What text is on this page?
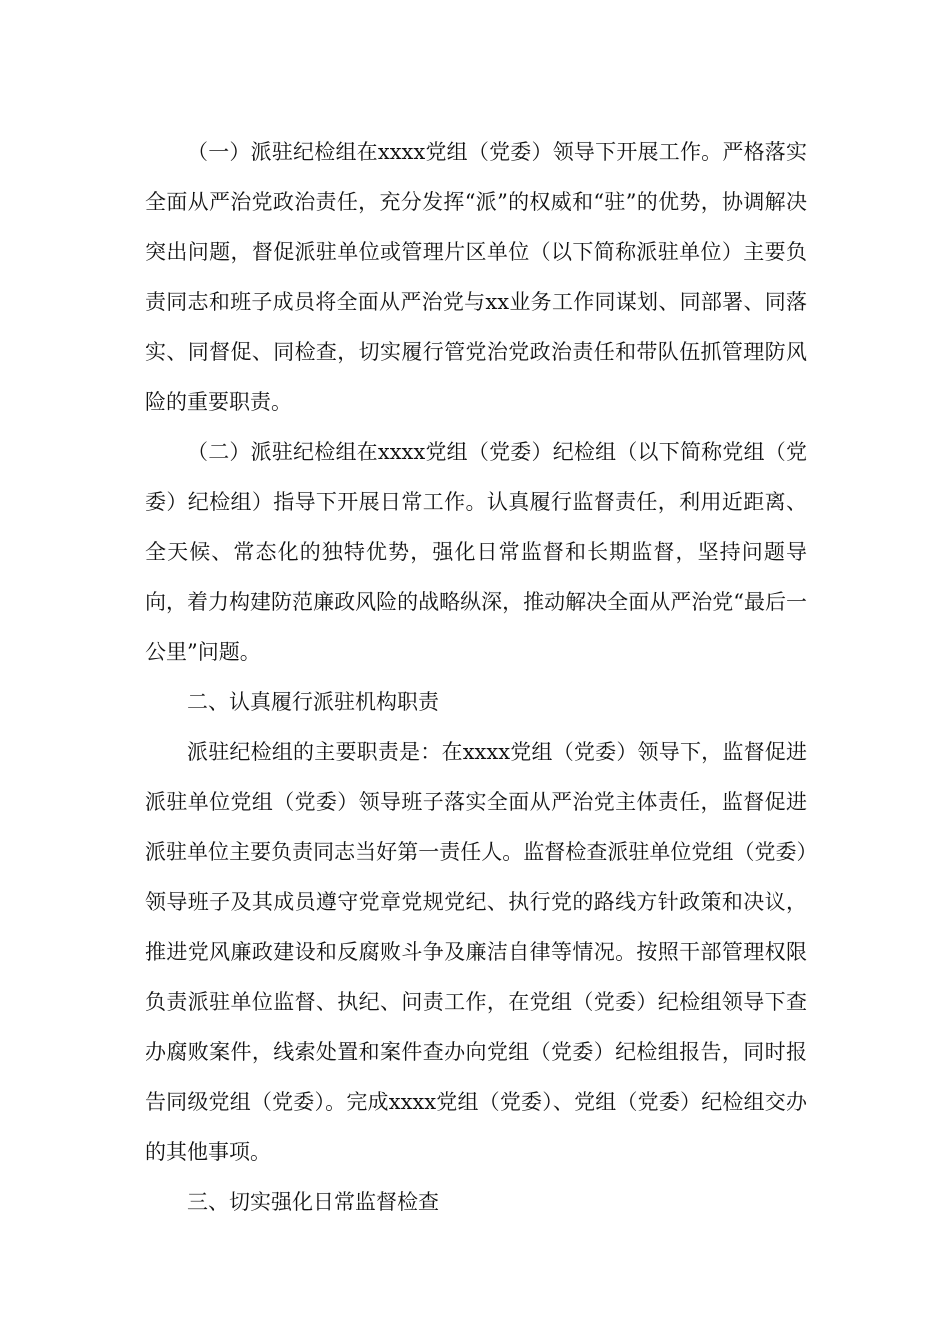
（一）派驻纪检组在xxxx党组（党委）领导下开展工作。严格落实全面从严治党政治责任，充分发挥“派”的权威和“驻”的优势，协调解决突出问题，督促派驻单位或管理片区单位（以下简称派驻单位）主要负责同志和班子成员将全面从严治党与xx业务工作同谋划、同部署、同落实、同督促、同检查，切实履行管党治党政治责任和带队伍抓管理防风险的重要职责。

（二）派驻纪检组在xxxx党组（党委）纪检组（以下简称党组（党委）纪检组）指导下开展日常工作。认真履行监督责任，利用近距离、全天候、常态化的独特优势，强化日常监督和长期监督，坚持问题导向，着力构建防范廉政风险的战略纵深，推动解决全面从严治党“最后一公里”问题。

二、认真履行派驻机构职责

派驻纪检组的主要职责是：在xxxx党组（党委）领导下，监督促进派驻单位党组（党委）领导班子落实全面从严治党主体责任，监督促进派驻单位主要负责同志当好第一责任人。监督检查派驻单位党组（党委）领导班子及其成员遵守党章党规党纪、执行党的路线方针政策和决议，推进党风廉政建设和反腐败斗争及廉洁自律等情况。按照干部管理权限负责派驻单位监督、执纪、问责工作，在党组（党委）纪检组领导下查办腐败案件，线索处置和案件查办向党组（党委）纪检组报告，同时报告同级党组（党委）。完成xxxx党组（党委）、党组（党委）纪检组交办的其他事项。

三、切实强化日常监督检查
